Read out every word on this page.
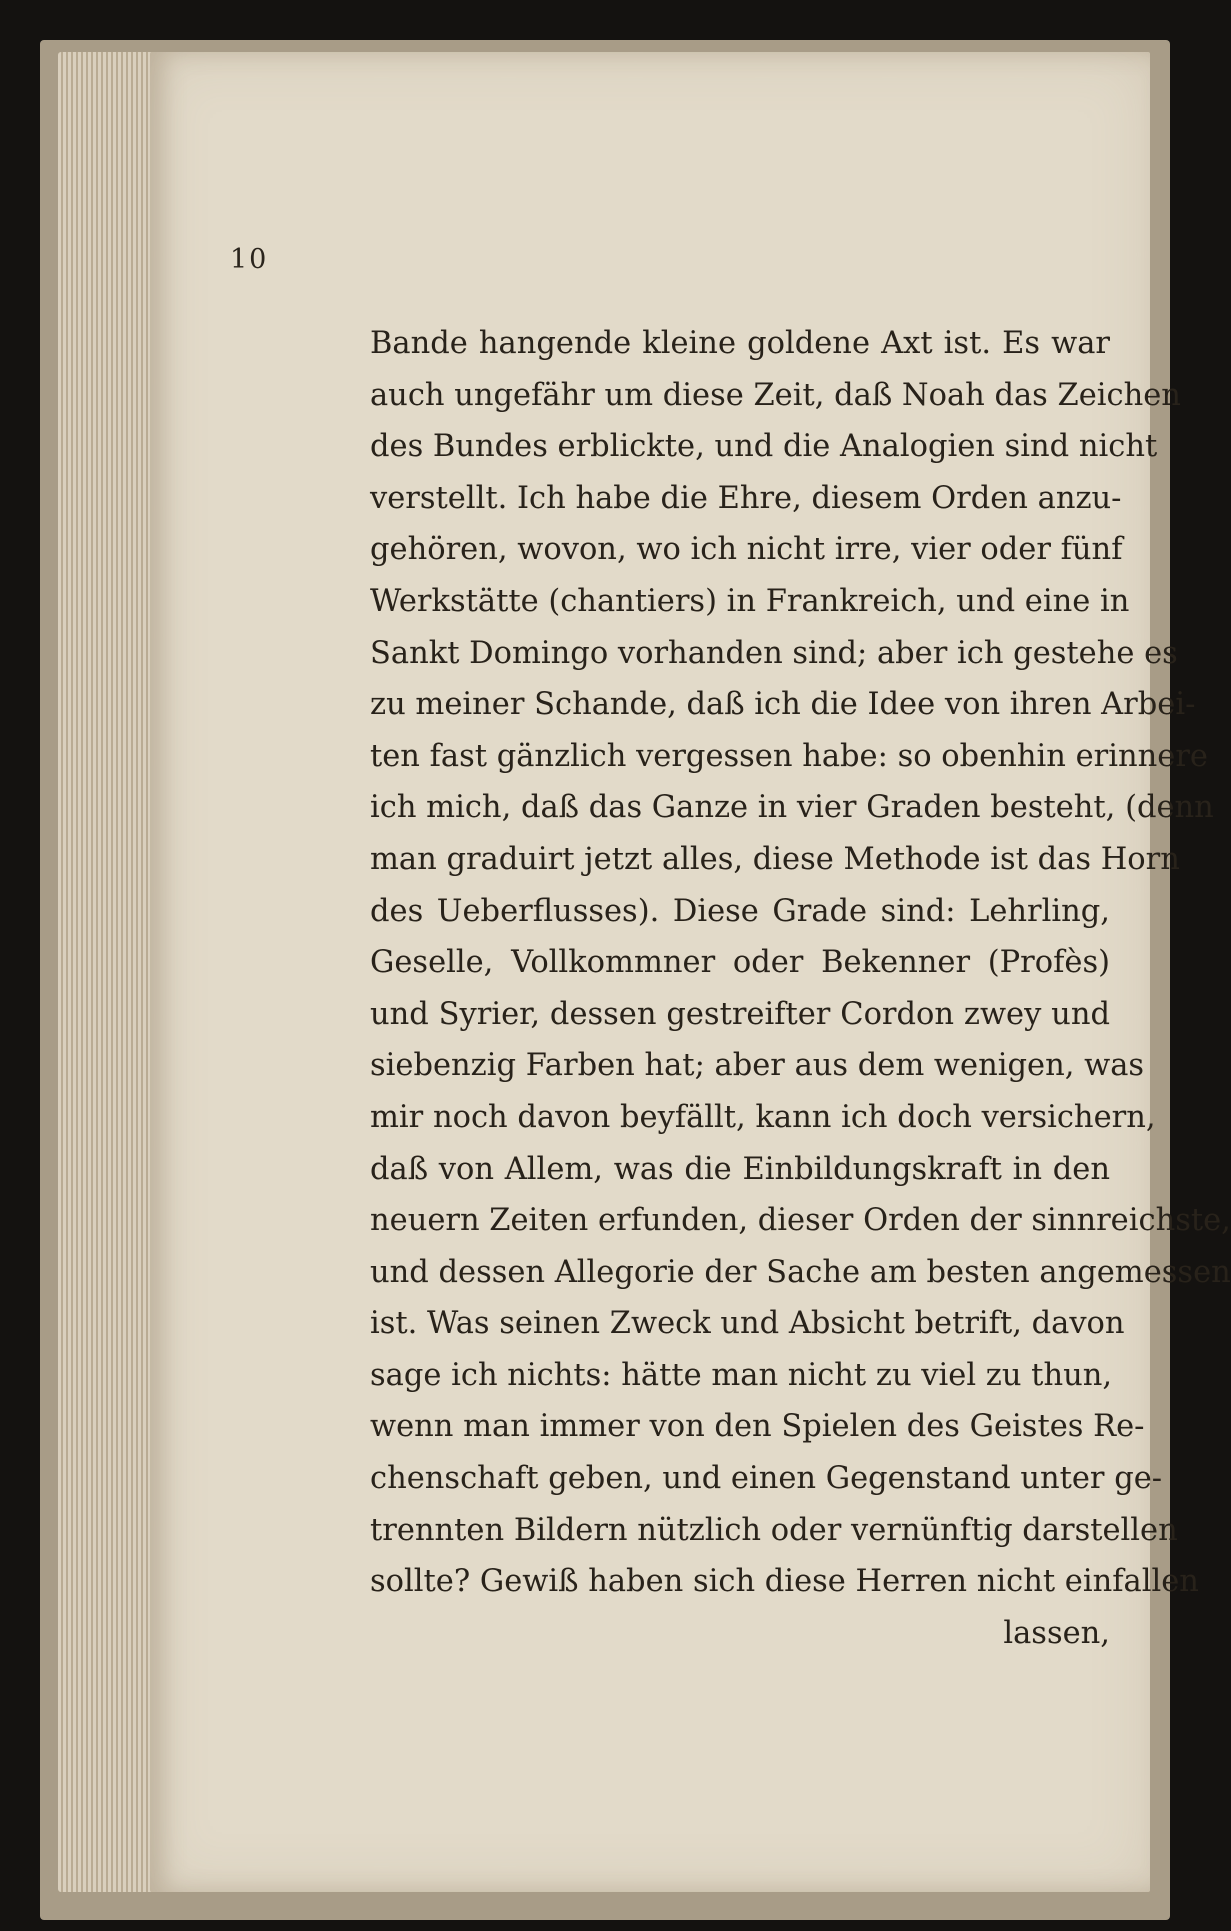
10
Bande hangende kleine goldene Axt ist. Es war
auch ungefähr um diese Zeit, daß Noah das Zeichen
des Bundes erblickte, und die Analogien sind nicht
verstellt. Ich habe die Ehre, diesem Orden anzu-
gehören, wovon, wo ich nicht irre, vier oder fünf
Werkstätte (chantiers) in Frankreich, und eine in
Sankt Domingo vorhanden sind; aber ich gestehe es
zu meiner Schande, daß ich die Idee von ihren Arbei-
ten fast gänzlich vergessen habe: so obenhin erinnere
ich mich, daß das Ganze in vier Graden besteht, (denn
man graduirt jetzt alles, diese Methode ist das Horn
des Ueberflusses). Diese Grade sind: Lehrling,
Geselle, Vollkommner oder Bekenner (Profès)
und Syrier, dessen gestreifter Cordon zwey und
siebenzig Farben hat; aber aus dem wenigen, was
mir noch davon beyfällt, kann ich doch versichern,
daß von Allem, was die Einbildungskraft in den
neuern Zeiten erfunden, dieser Orden der sinnreichste,
und dessen Allegorie der Sache am besten angemessen
ist. Was seinen Zweck und Absicht betrift, davon
sage ich nichts: hätte man nicht zu viel zu thun,
wenn man immer von den Spielen des Geistes Re-
chenschaft geben, und einen Gegenstand unter ge-
trennten Bildern nützlich oder vernünftig darstellen
sollte? Gewiß haben sich diese Herren nicht einfallen
lassen,
